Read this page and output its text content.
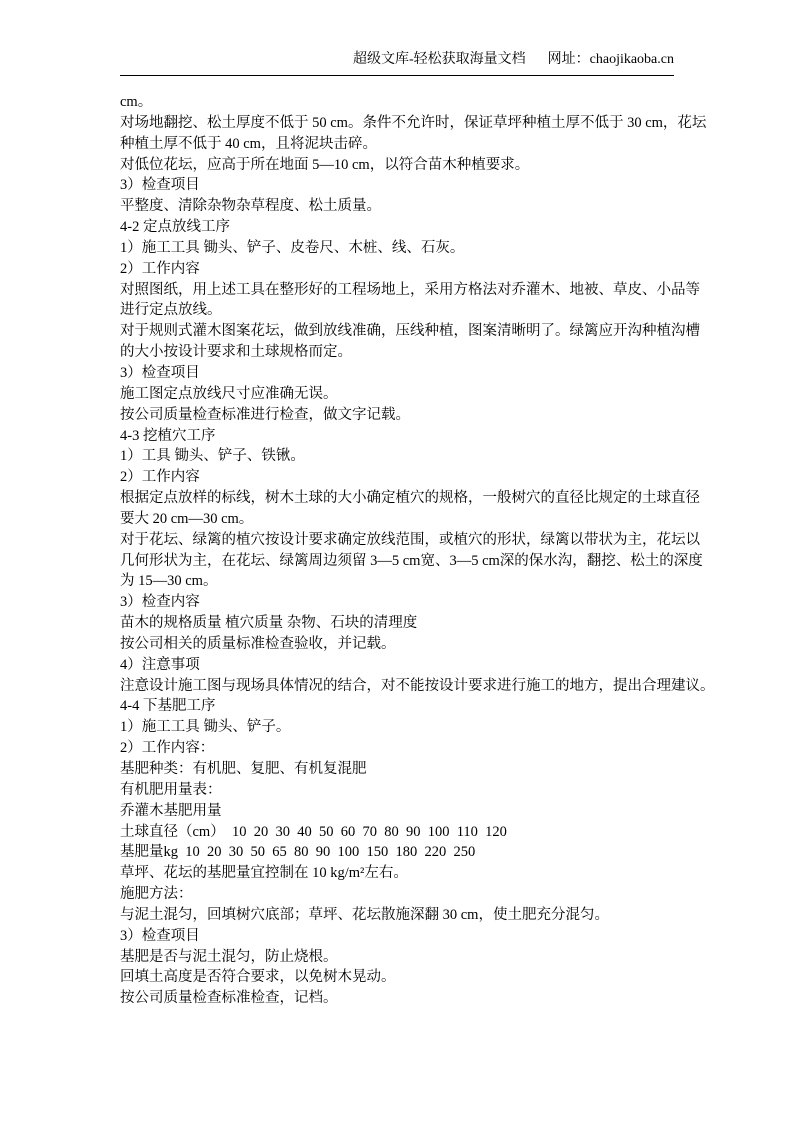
超级文库-轻松获取海量文档 网址：chaojikaoba.cn
cm。
对场地翻挖、松土厚度不低于 50 cm。条件不允许时，保证草坪种植土厚不低于 30 cm，花坛
种植土厚不低于 40 cm，且将泥块击碎。
对低位花坛，应高于所在地面 5—10 cm，以符合苗木种植要求。
3）检查项目
平整度、清除杂物杂草程度、松土质量。
4-2 定点放线工序
1）施工工具 锄头、铲子、皮卷尺、木桩、线、石灰。
2）工作内容
对照图纸，用上述工具在整形好的工程场地上，采用方格法对乔灌木、地被、草皮、小品等
进行定点放线。
对于规则式灌木图案花坛，做到放线准确，压线种植，图案清晰明了。绿篱应开沟种植沟槽
的大小按设计要求和土球规格而定。
3）检查项目
施工图定点放线尺寸应准确无误。
按公司质量检查标准进行检查，做文字记载。
4-3 挖植穴工序
1）工具 锄头、铲子、铁锹。
2）工作内容
根据定点放样的标线，树木土球的大小确定植穴的规格，一般树穴的直径比规定的土球直径
要大 20 cm—30 cm。
对于花坛、绿篱的植穴按设计要求确定放线范围，或植穴的形状，绿篱以带状为主，花坛以
几何形状为主，在花坛、绿篱周边须留 3—5 cm宽、3—5 cm深的保水沟，翻挖、松土的深度
为 15—30 cm。
3）检查内容
苗木的规格质量 植穴质量 杂物、石块的清理度
按公司相关的质量标准检查验收，并记载。
4）注意事项
注意设计施工图与现场具体情况的结合，对不能按设计要求进行施工的地方，提出合理建议。
4-4 下基肥工序
1）施工工具 锄头、铲子。
2）工作内容：
基肥种类：有机肥、复肥、有机复混肥
有机肥用量表：
乔灌木基肥用量
土球直径（cm）  10  20  30  40  50  60  70  80  90  100  110  120
基肥量kg  10  20  30  50  65  80  90  100  150  180  220  250
草坪、花坛的基肥量宜控制在 10 kg/m²左右。
施肥方法：
与泥土混匀，回填树穴底部；草坪、花坛散施深翻 30 cm，使土肥充分混匀。
3）检查项目
基肥是否与泥土混匀，防止烧根。
回填土高度是否符合要求，以免树木晃动。
按公司质量检查标准检查，记档。
